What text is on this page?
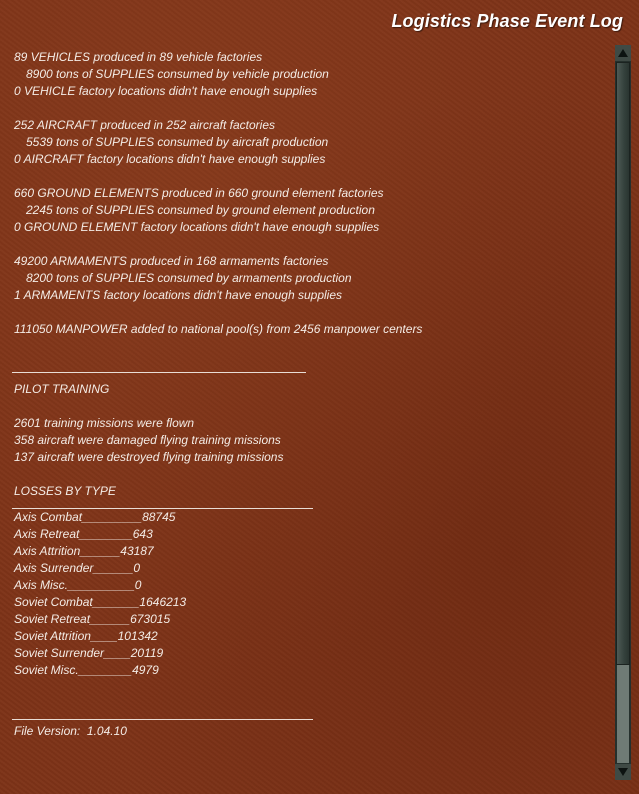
Logistics Phase Event Log
89 VEHICLES produced in 89 vehicle factories
8900 tons of SUPPLIES consumed by vehicle production
0 VEHICLE factory locations didn't have enough supplies
252 AIRCRAFT produced in 252 aircraft factories
5539 tons of SUPPLIES consumed by aircraft production
0 AIRCRAFT factory locations didn't have enough supplies
660 GROUND ELEMENTS produced in 660 ground element factories
2245 tons of SUPPLIES consumed by ground element production
0 GROUND ELEMENT factory locations didn't have enough supplies
49200 ARMAMENTS produced in 168 armaments factories
8200 tons of SUPPLIES consumed by armaments production
1 ARMAMENTS factory locations didn't have enough supplies
111050 MANPOWER added to national pool(s) from 2456 manpower centers
PILOT TRAINING
2601 training missions were flown
358 aircraft were damaged flying training missions
137 aircraft were destroyed flying training missions
LOSSES BY TYPE
Axis Combat_________88745
Axis Retreat________643
Axis Attrition______43187
Axis Surrender______0
Axis Misc.__________0
Soviet Combat_______1646213
Soviet Retreat______673015
Soviet Attrition____101342
Soviet Surrender____20119
Soviet Misc.________4979
File Version:  1.04.10
